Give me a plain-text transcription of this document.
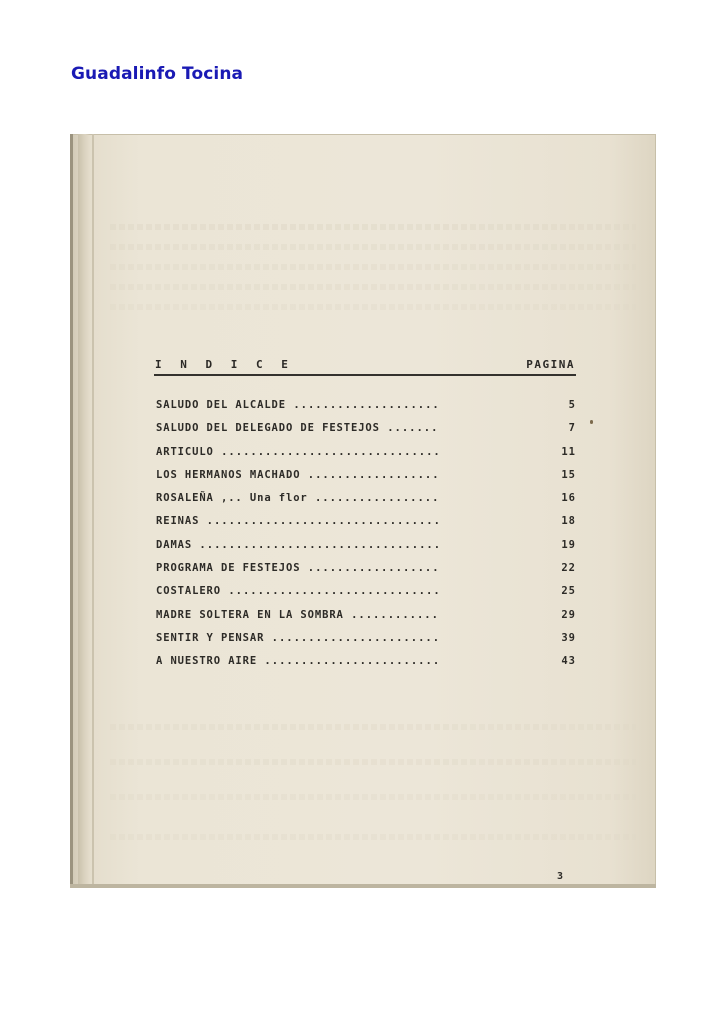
Guadalinfo Tocina
I N D I C E	PAGINA
SALUDO DEL ALCALDE ....................	5
SALUDO DEL DELEGADO DE FESTEJOS .......	7
ARTICULO ..............................	11
LOS HERMANOS MACHADO ..................	15
ROSALEÑA ,.. Una flor .................	16
REINAS ................................	18
DAMAS .................................	19
PROGRAMA DE FESTEJOS ..................	22
COSTALERO .............................	25
MADRE SOLTERA EN LA SOMBRA ............	29
SENTIR Y PENSAR .......................	39
A NUESTRO AIRE ........................	43
3
